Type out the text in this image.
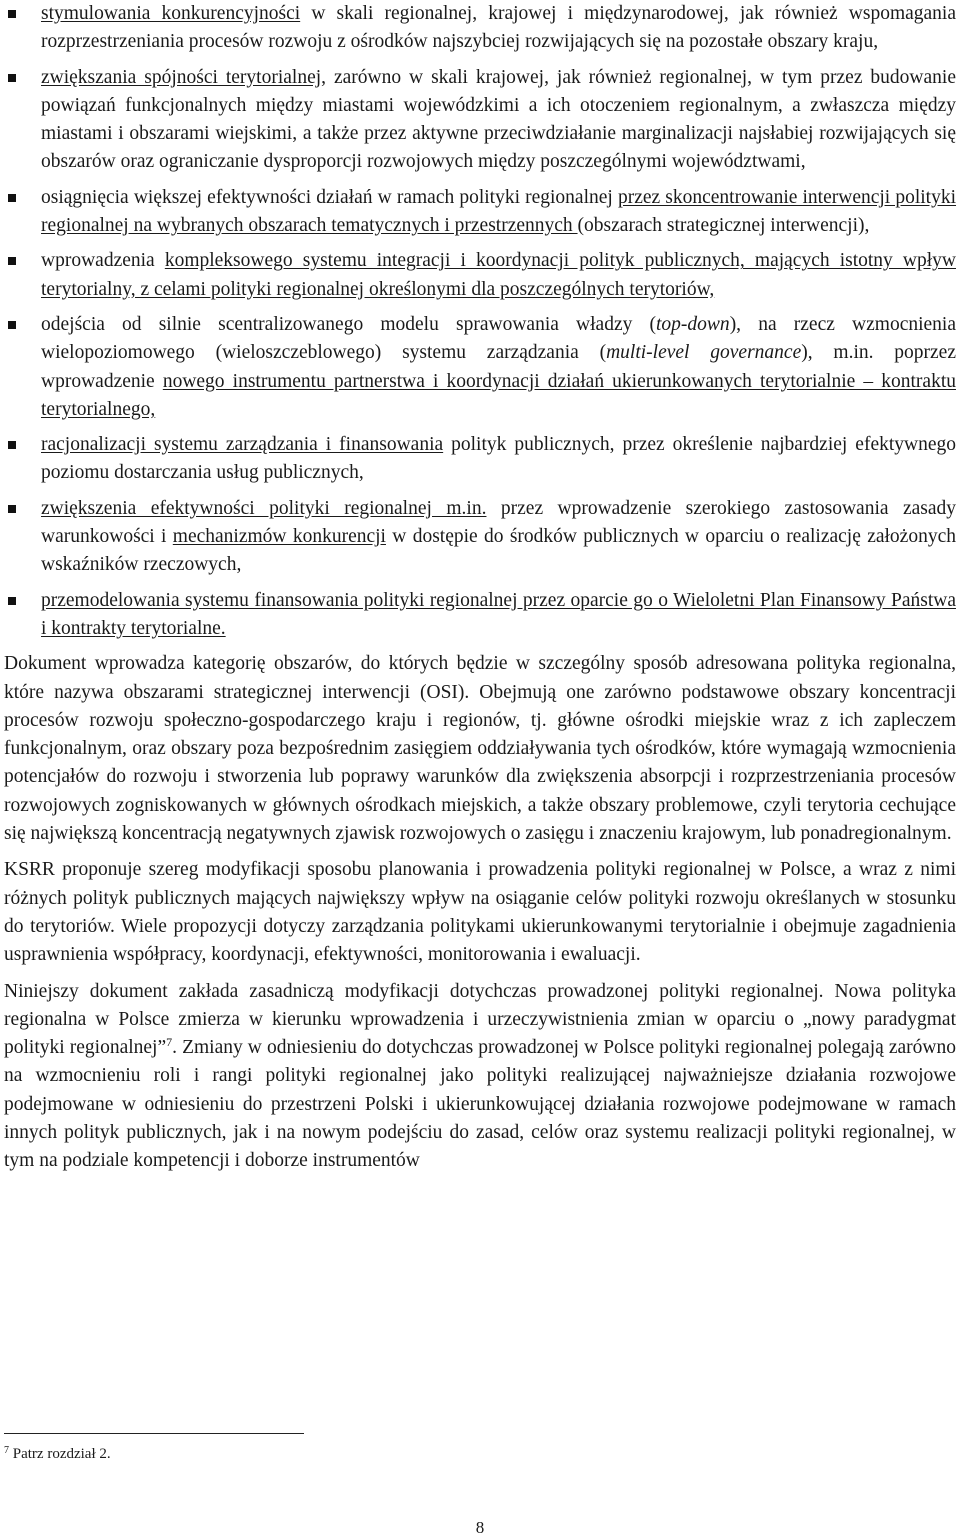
stymulowania konkurencyjności w skali regionalnej, krajowej i międzynarodowej, jak również wspomagania rozprzestrzeniania procesów rozwoju z ośrodków najszybciej rozwijających się na pozostałe obszary kraju,
zwiększania spójności terytorialnej, zarówno w skali krajowej, jak również regionalnej, w tym przez budowanie powiązań funkcjonalnych między miastami wojewódzkimi a ich otoczeniem regionalnym, a zwłaszcza między miastami i obszarami wiejskimi, a także przez aktywne przeciwdziałanie marginalizacji najsłabiej rozwijających się obszarów oraz ograniczanie dysproporcji rozwojowych między poszczególnymi województwami,
osiągnięcia większej efektywności działań w ramach polityki regionalnej przez skoncentrowanie interwencji polityki regionalnej na wybranych obszarach tematycznych i przestrzennych (obszarach strategicznej interwencji),
wprowadzenia kompleksowego systemu integracji i koordynacji polityk publicznych, mających istotny wpływ terytorialny, z celami polityki regionalnej określonymi dla poszczególnych terytoriów,
odejścia od silnie scentralizowanego modelu sprawowania władzy (top-down), na rzecz wzmocnienia wielopoziomowego (wieloszczeblowego) systemu zarządzania (multi-level governance), m.in. poprzez wprowadzenie nowego instrumentu partnerstwa i koordynacji działań ukierunkowanych terytorialnie – kontraktu terytorialnego,
racjonalizacji systemu zarządzania i finansowania polityk publicznych, przez określenie najbardziej efektywnego poziomu dostarczania usług publicznych,
zwiększenia efektywności polityki regionalnej m.in. przez wprowadzenie szerokiego zastosowania zasady warunkowości i mechanizmów konkurencji w dostępie do środków publicznych w oparciu o realizację założonych wskaźników rzeczowych,
przemodelowania systemu finansowania polityki regionalnej przez oparcie go o Wieloletni Plan Finansowy Państwa i kontrakty terytorialne.

Dokument wprowadza kategorię obszarów, do których będzie w szczególny sposób adresowana polityka regionalna, które nazywa obszarami strategicznej interwencji (OSI). Obejmują one zarówno podstawowe obszary koncentracji procesów rozwoju społeczno-gospodarczego kraju i regionów, tj. główne ośrodki miejskie wraz z ich zapleczem funkcjonalnym, oraz obszary poza bezpośrednim zasięgiem oddziaływania tych ośrodków, które wymagają wzmocnienia potencjałów do rozwoju i stworzenia lub poprawy warunków dla zwiększenia absorpcji i rozprzestrzeniania procesów rozwojowych zogniskowanych w głównych ośrodkach miejskich, a także obszary problemowe, czyli terytoria cechujące się największą koncentracją negatywnych zjawisk rozwojowych o zasięgu i znaczeniu krajowym, lub ponadregionalnym.

KSRR proponuje szereg modyfikacji sposobu planowania i prowadzenia polityki regionalnej w Polsce, a wraz z nimi różnych polityk publicznych mających największy wpływ na osiąganie celów polityki rozwoju określanych w stosunku do terytoriów. Wiele propozycji dotyczy zarządzania politykami ukierunkowanymi terytorialnie i obejmuje zagadnienia usprawnienia współpracy, koordynacji, efektywności, monitorowania i ewaluacji.

Niniejszy dokument zakłada zasadniczą modyfikacji dotychczas prowadzonej polityki regionalnej. Nowa polityka regionalna w Polsce zmierza w kierunku wprowadzenia i urzeczywistnienia zmian w oparciu o „nowy paradygmat polityki regionalnej”$^7$. Zmiany w odniesieniu do dotychczas prowadzonej w Polsce polityki regionalnej polegają zarówno na wzmocnieniu roli i rangi polityki regionalnej jako polityki realizującej najważniejsze działania rozwojowe podejmowane w odniesieniu do przestrzeni Polski i ukierunkowującej działania rozwojowe podejmowane w ramach innych polityk publicznych, jak i na nowym podejściu do zasad, celów oraz systemu realizacji polityki regionalnej, w tym na podziale kompetencji i doborze instrumentów

$^7$ Patrz rozdział 2.
8
